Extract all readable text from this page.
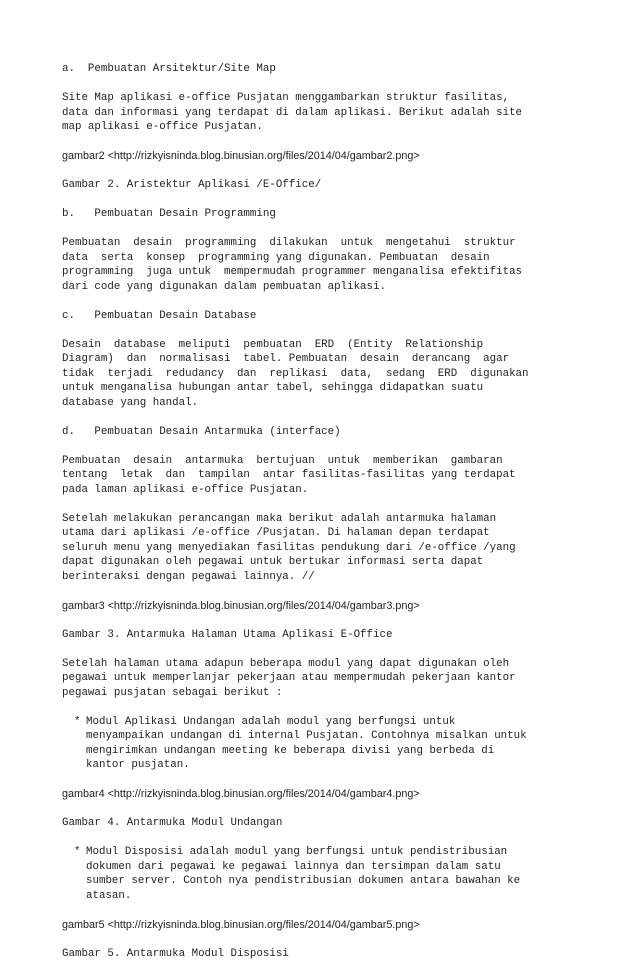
a.  Pembuatan Arsitektur/Site Map

Site Map aplikasi e-office Pusjatan menggambarkan struktur fasilitas,
data dan informasi yang terdapat di dalam aplikasi. Berikut adalah site
map aplikasi e-office Pusjatan.

gambar2 <http://rizkyisninda.blog.binusian.org/files/2014/04/gambar2.png>

Gambar 2. Aristektur Aplikasi /E-Office/

b.   Pembuatan Desain Programming

Pembuatan  desain  programming  dilakukan  untuk  mengetahui  struktur
data  serta  konsep  programming yang digunakan. Pembuatan  desain
programming  juga untuk  mempermudah programmer menganalisa efektifitas
dari code yang digunakan dalam pembuatan aplikasi.

c.   Pembuatan Desain Database

Desain  database  meliputi  pembuatan  ERD  (Entity  Relationship
Diagram)  dan  normalisasi  tabel. Pembuatan  desain  derancang  agar
tidak  terjadi  redudancy  dan  replikasi  data,  sedang  ERD  digunakan
untuk menganalisa hubungan antar tabel, sehingga didapatkan suatu
database yang handal.

d.   Pembuatan Desain Antarmuka (interface)

Pembuatan  desain  antarmuka  bertujuan  untuk  memberikan  gambaran
tentang  letak  dan  tampilan  antar fasilitas-fasilitas yang terdapat
pada laman aplikasi e-office Pusjatan.

Setelah melakukan perancangan maka berikut adalah antarmuka halaman
utama dari aplikasi /e-office /Pusjatan. Di halaman depan terdapat
seluruh menu yang menyediakan fasilitas pendukung dari /e-office /yang
dapat digunakan oleh pegawai untuk bertukar informasi serta dapat
berinteraksi dengan pegawai lainnya. //

gambar3 <http://rizkyisninda.blog.binusian.org/files/2014/04/gambar3.png>

Gambar 3. Antarmuka Halaman Utama Aplikasi E-Office

Setelah halaman utama adapun beberapa modul yang dapat digunakan oleh
pegawai untuk memperlanjar pekerjaan atau mempermudah pekerjaan kantor
pegawai pusjatan sebagai berikut :

* Modul Aplikasi Undangan adalah modul yang berfungsi untuk
menyampaikan undangan di internal Pusjatan. Contohnya misalkan untuk
mengirimkan undangan meeting ke beberapa divisi yang berbeda di
kantor pusjatan.

gambar4 <http://rizkyisninda.blog.binusian.org/files/2014/04/gambar4.png>

Gambar 4. Antarmuka Modul Undangan

* Modul Disposisi adalah modul yang berfungsi untuk pendistribusian
dokumen dari pegawai ke pegawai lainnya dan tersimpan dalam satu
sumber server. Contoh nya pendistribusian dokumen antara bawahan ke
atasan.

gambar5 <http://rizkyisninda.blog.binusian.org/files/2014/04/gambar5.png>

Gambar 5. Antarmuka Modul Disposisi
